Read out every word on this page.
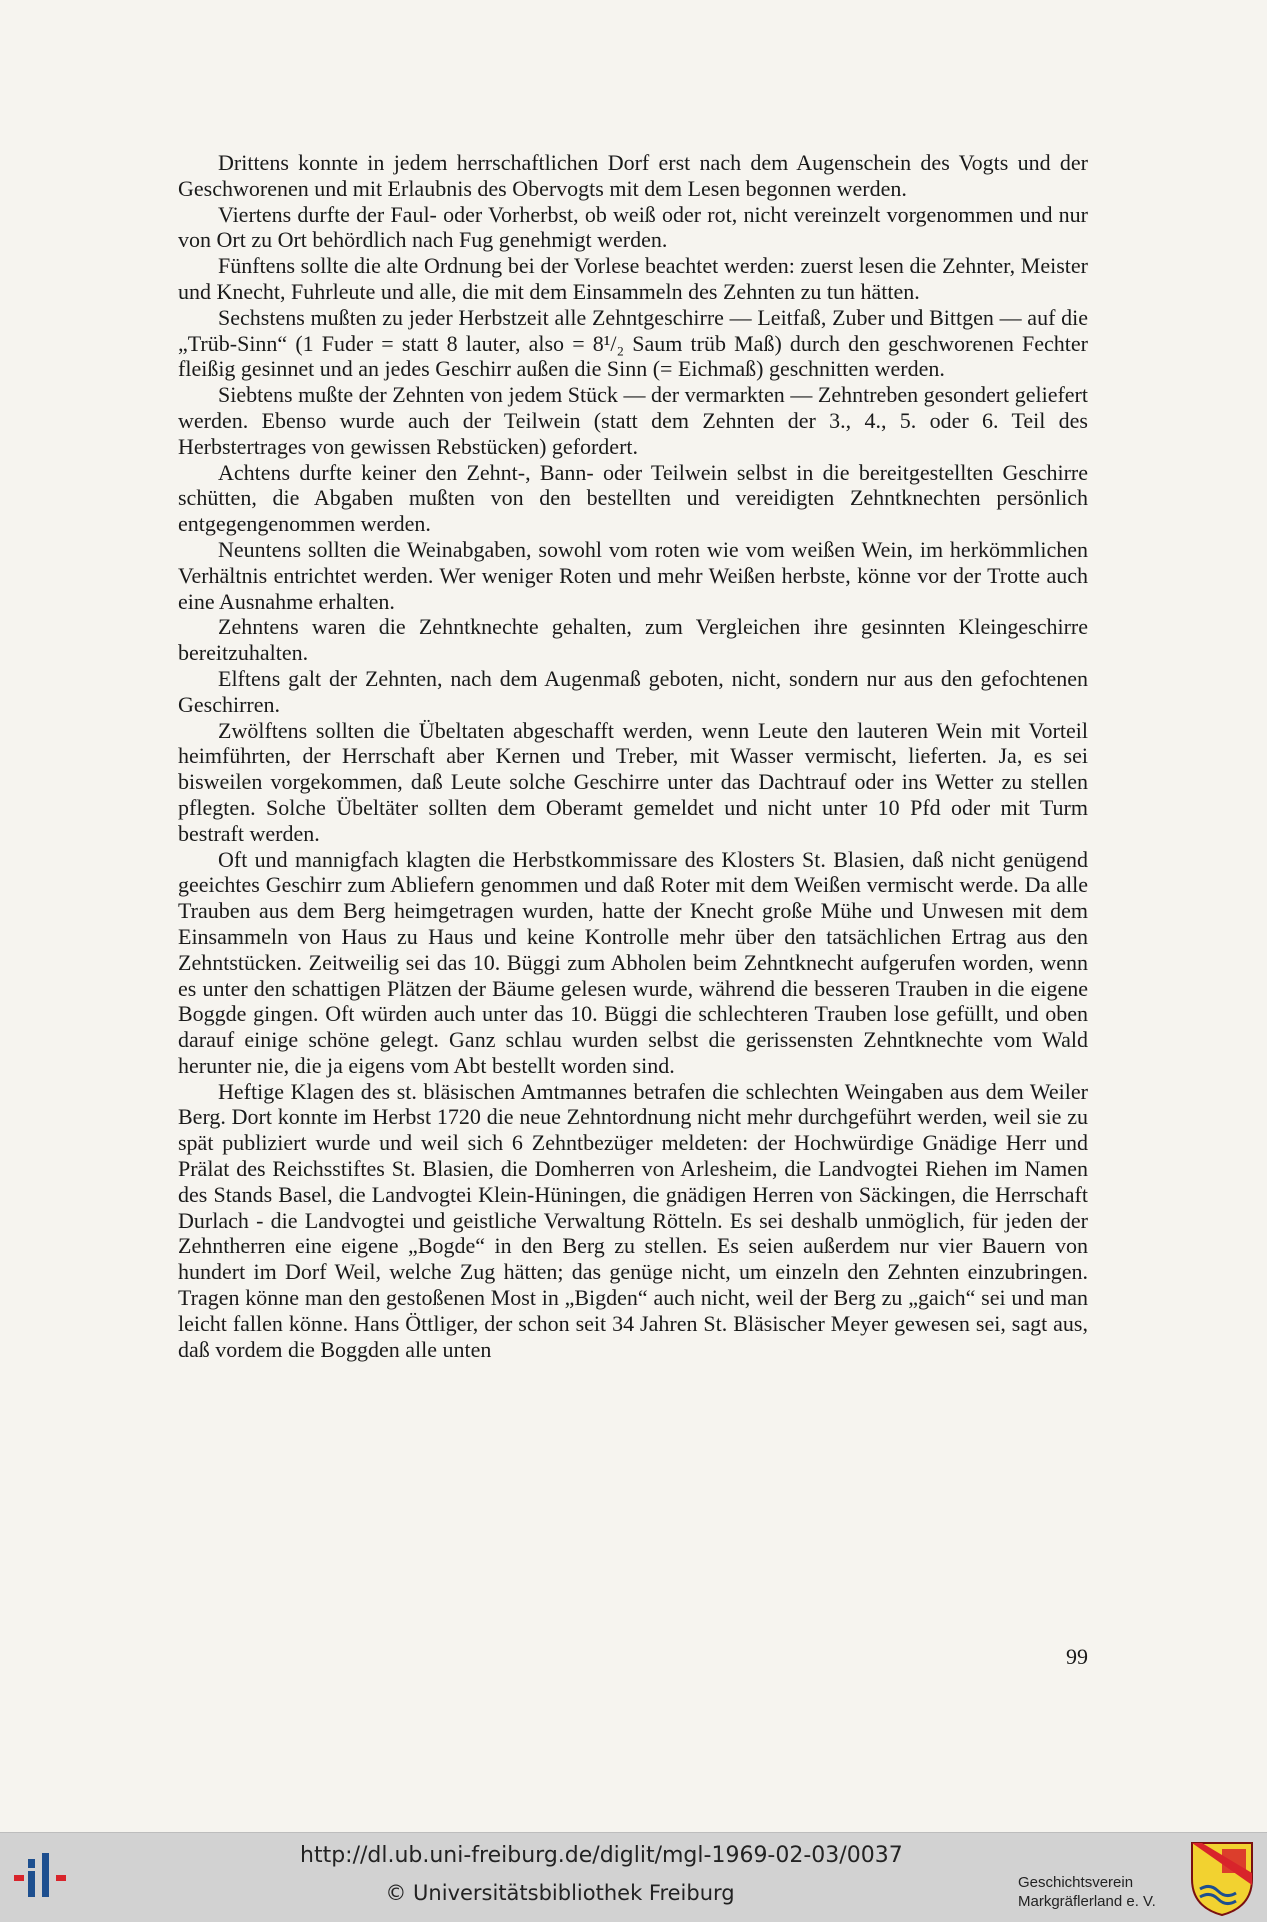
Drittens konnte in jedem herrschaftlichen Dorf erst nach dem Augenschein des Vogts und der Geschworenen und mit Erlaubnis des Obervogts mit dem Lesen begonnen werden.

Viertens durfte der Faul- oder Vorherbst, ob weiß oder rot, nicht vereinzelt vorgenommen und nur von Ort zu Ort behördlich nach Fug genehmigt werden.

Fünftens sollte die alte Ordnung bei der Vorlese beachtet werden: zuerst lesen die Zehnter, Meister und Knecht, Fuhrleute und alle, die mit dem Einsammeln des Zehnten zu tun hätten.

Sechstens mußten zu jeder Herbstzeit alle Zehntgeschirre — Leitfaß, Zuber und Bittgen — auf die „Trüb-Sinn“ (1 Fuder = statt 8 lauter, also = 8¹/₂ Saum trüb Maß) durch den geschworenen Fechter fleißig gesinnet und an jedes Geschirr außen die Sinn (= Eichmaß) geschnitten werden.

Siebtens mußte der Zehnten von jedem Stück — der vermarkten — Zehntreben gesondert geliefert werden. Ebenso wurde auch der Teilwein (statt dem Zehnten der 3., 4., 5. oder 6. Teil des Herbstertrages von gewissen Rebstücken) gefordert.

Achtens durfte keiner den Zehnt-, Bann- oder Teilwein selbst in die bereitgestellten Geschirre schütten, die Abgaben mußten von den bestellten und vereidigten Zehntknechten persönlich entgegengenommen werden.

Neuntens sollten die Weinabgaben, sowohl vom roten wie vom weißen Wein, im herkömmlichen Verhältnis entrichtet werden. Wer weniger Roten und mehr Weißen herbste, könne vor der Trotte auch eine Ausnahme erhalten.

Zehntens waren die Zehntknechte gehalten, zum Vergleichen ihre gesinnten Kleingeschirre bereitzuhalten.

Elftens galt der Zehnten, nach dem Augenmaß geboten, nicht, sondern nur aus den gefochtenen Geschirren.

Zwölftens sollten die Übeltaten abgeschafft werden, wenn Leute den lauteren Wein mit Vorteil heimführten, der Herrschaft aber Kernen und Treber, mit Wasser vermischt, lieferten. Ja, es sei bisweilen vorgekommen, daß Leute solche Geschirre unter das Dachtrauf oder ins Wetter zu stellen pflegten. Solche Übeltäter sollten dem Oberamt gemeldet und nicht unter 10 Pfd oder mit Turm bestraft werden.

Oft und mannigfach klagten die Herbstkommissare des Klosters St. Blasien, daß nicht genügend geeichtes Geschirr zum Abliefern genommen und daß Roter mit dem Weißen vermischt werde. Da alle Trauben aus dem Berg heimgetragen wurden, hatte der Knecht große Mühe und Unwesen mit dem Einsammeln von Haus zu Haus und keine Kontrolle mehr über den tatsächlichen Ertrag aus den Zehntstücken. Zeitweilig sei das 10. Büggi zum Abholen beim Zehntknecht aufgerufen worden, wenn es unter den schattigen Plätzen der Bäume gelesen wurde, während die besseren Trauben in die eigene Boggde gingen. Oft würden auch unter das 10. Büggi die schlechteren Trauben lose gefüllt, und oben darauf einige schöne gelegt. Ganz schlau wurden selbst die gerissensten Zehntknechte vom Wald herunter nie, die ja eigens vom Abt bestellt worden sind.

Heftige Klagen des st. bläsischen Amtmannes betrafen die schlechten Weingaben aus dem Weiler Berg. Dort konnte im Herbst 1720 die neue Zehntordnung nicht mehr durchgeführt werden, weil sie zu spät publiziert wurde und weil sich 6 Zehntbezüger meldeten: der Hochwürdige Gnädige Herr und Prälat des Reichsstiftes St. Blasien, die Domherren von Arlesheim, die Landvogtei Riehen im Namen des Stands Basel, die Landvogtei Klein-Hüningen, die gnädigen Herren von Säckingen, die Herrschaft Durlach - die Landvogtei und geistliche Verwaltung Rötteln. Es sei deshalb unmöglich, für jeden der Zehntherren eine eigene „Bogde“ in den Berg zu stellen. Es seien außerdem nur vier Bauern von hundert im Dorf Weil, welche Zug hätten; das genüge nicht, um einzeln den Zehnten einzubringen. Tragen könne man den gestoßenen Most in „Bigden“ auch nicht, weil der Berg zu „gaich“ sei und man leicht fallen könne. Hans Öttliger, der schon seit 34 Jahren St. Bläsischer Meyer gewesen sei, sagt aus, daß vordem die Boggden alle unten

99
http://dl.ub.uni-freiburg.de/diglit/mgl-1969-02-03/0037
© Universitätsbibliothek Freiburg	Geschichtsverein
Markgräflerland e. V.
